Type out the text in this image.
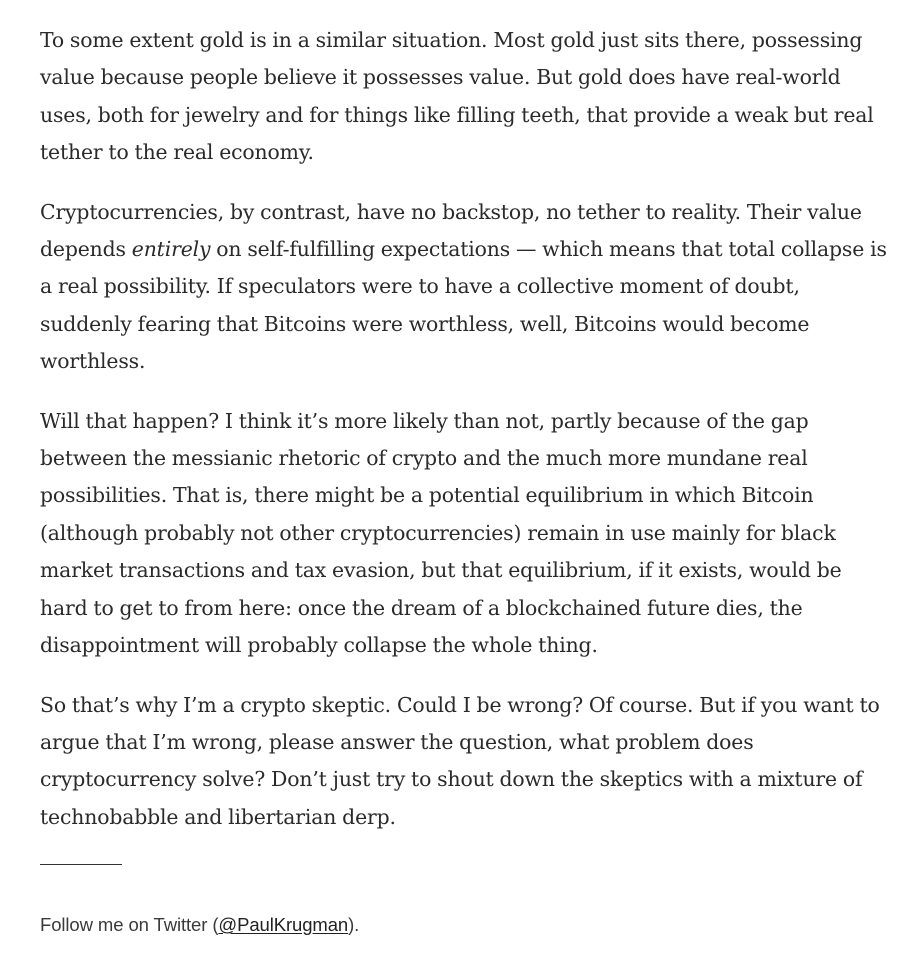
To some extent gold is in a similar situation. Most gold just sits there, possessing value because people believe it possesses value. But gold does have real-world uses, both for jewelry and for things like filling teeth, that provide a weak but real tether to the real economy.

Cryptocurrencies, by contrast, have no backstop, no tether to reality. Their value depends entirely on self-fulfilling expectations — which means that total collapse is a real possibility. If speculators were to have a collective moment of doubt, suddenly fearing that Bitcoins were worthless, well, Bitcoins would become worthless.

Will that happen? I think it’s more likely than not, partly because of the gap between the messianic rhetoric of crypto and the much more mundane real possibilities. That is, there might be a potential equilibrium in which Bitcoin (although probably not other cryptocurrencies) remain in use mainly for black market transactions and tax evasion, but that equilibrium, if it exists, would be hard to get to from here: once the dream of a blockchained future dies, the disappointment will probably collapse the whole thing.

So that’s why I’m a crypto skeptic. Could I be wrong? Of course. But if you want to argue that I’m wrong, please answer the question, what problem does cryptocurrency solve? Don’t just try to shout down the skeptics with a mixture of technobabble and libertarian derp.

Follow me on Twitter (@PaulKrugman).
